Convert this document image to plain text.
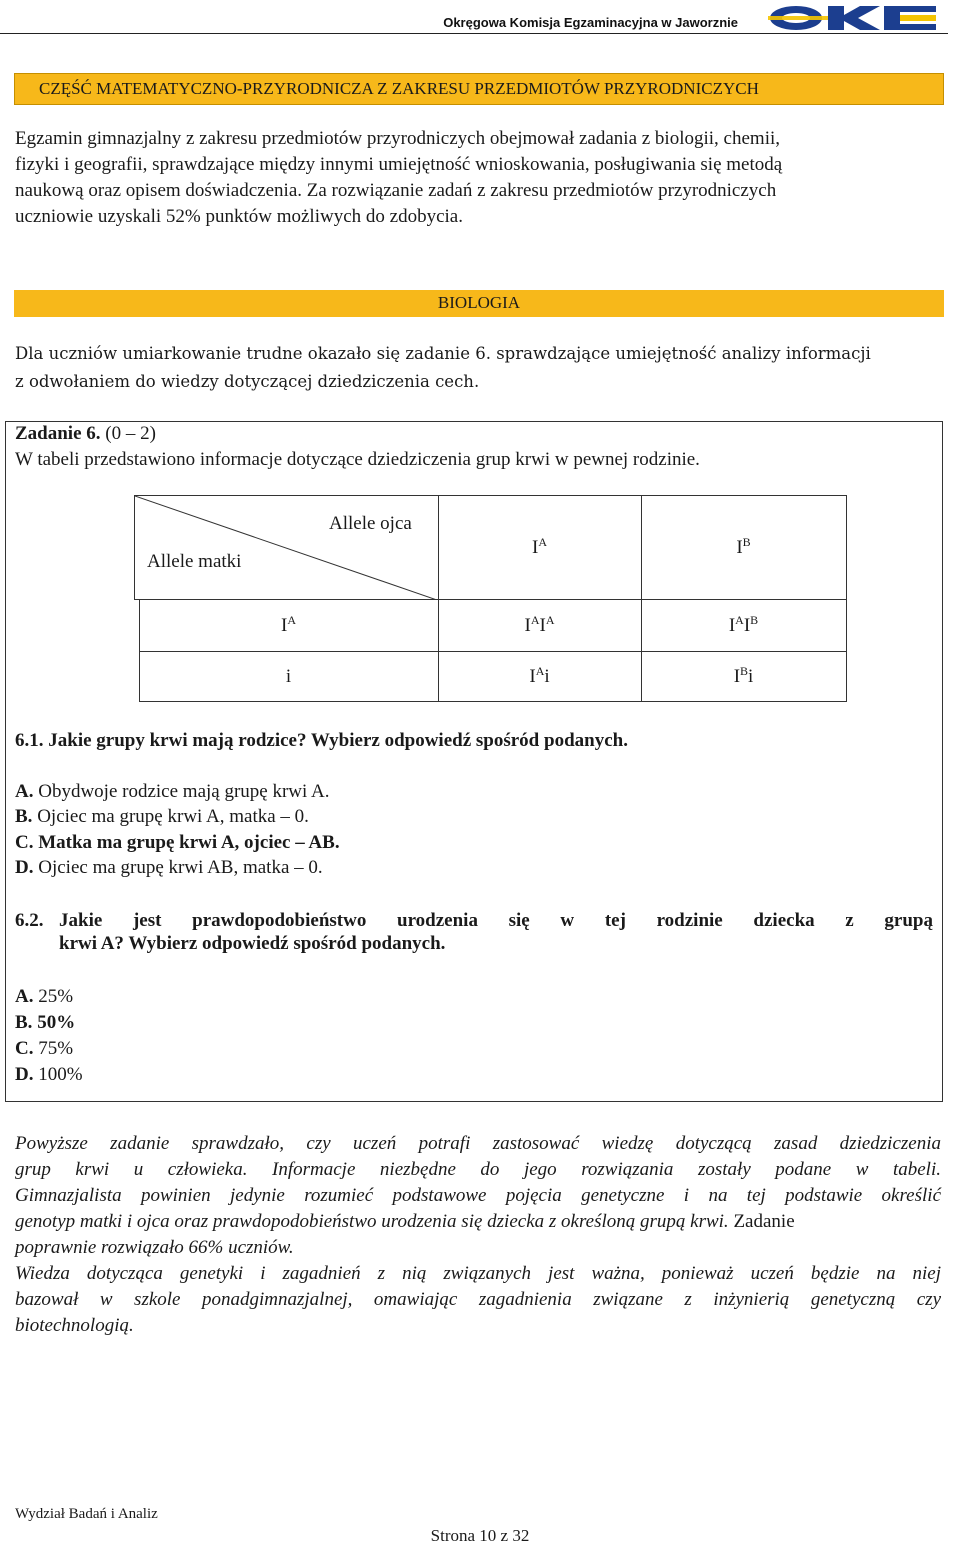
Okręgowa Komisja Egzaminacyjna w Jaworznie
CZĘŚĆ MATEMATYCZNO-PRZYRODNICZA Z ZAKRESU PRZEDMIOTÓW PRZYRODNICZYCH
Egzamin gimnazjalny z zakresu przedmiotów przyrodniczych obejmował zadania z biologii, chemii,
fizyki i geografii, sprawdzające między innymi umiejętność wnioskowania, posługiwania się metodą
naukową oraz opisem doświadczenia. Za rozwiązanie zadań z zakresu przedmiotów przyrodniczych
uczniowie uzyskali 52% punktów możliwych do zdobycia.
BIOLOGIA
Dla uczniów umiarkowanie trudne okazało się zadanie 6. sprawdzające umiejętność analizy informacji
z odwołaniem do wiedzy dotyczącej dziedziczenia cech.
Zadanie 6. (0 – 2)
W tabeli przedstawiono informacje dotyczące dziedziczenia grup krwi w pewnej rodzinie.
Allele ojca
Allele matki		$I^A$	$I^B$
	$I^A$	$I^AI^A$	$I^AI^B$
	i	$I^Ai$	$I^Bi$
6.1. Jakie grupy krwi mają rodzice? Wybierz odpowiedź spośród podanych.
A. Obydwoje rodzice mają grupę krwi A.
B. Ojciec ma grupę krwi A, matka – 0.
C. Matka ma grupę krwi A, ojciec – AB.
D. Ojciec ma grupę krwi AB, matka – 0.
6.2. Jakie jest prawdopodobieństwo urodzenia się w tej rodzinie dziecka z grupą
krwi A? Wybierz odpowiedź spośród podanych.
A. 25%
B. 50%
C. 75%
D. 100%
Powyższe zadanie sprawdzało, czy uczeń potrafi zastosować wiedzę dotyczącą zasad dziedziczenia
grup krwi u człowieka. Informacje niezbędne do jego rozwiązania zostały podane w tabeli.
Gimnazjalista powinien jedynie rozumieć podstawowe pojęcia genetyczne i na tej podstawie określić
genotyp matki i ojca oraz prawdopodobieństwo urodzenia się dziecka z określoną grupą krwi. Zadanie
poprawnie rozwiązało 66% uczniów.
Wiedza dotycząca genetyki i zagadnień z nią związanych jest ważna, ponieważ uczeń będzie na niej
bazował w szkole ponadgimnazjalnej, omawiając zagadnienia związane z inżynierią genetyczną czy
biotechnologią.
Wydział Badań i Analiz
Strona 10 z 32
